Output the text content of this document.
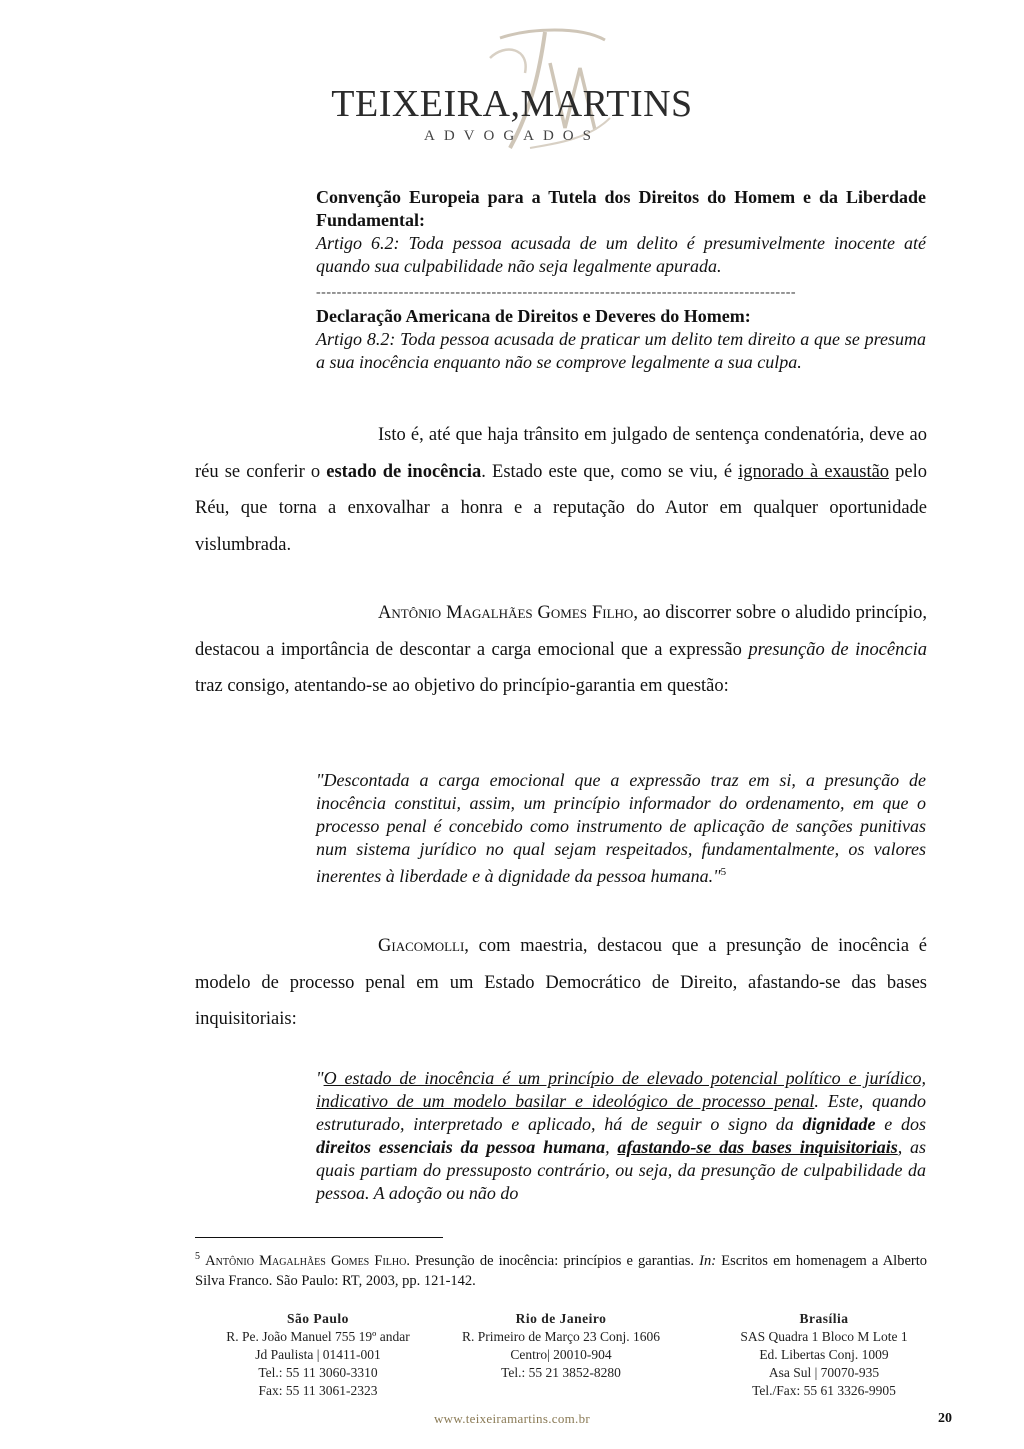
TEIXEIRA,MARTINS
ADVOGADOS
Convenção Europeia para a Tutela dos Direitos do Homem e da Liberdade Fundamental:
Artigo 6.2: Toda pessoa acusada de um delito é presumivelmente inocente até quando sua culpabilidade não seja legalmente apurada.
---------------------------------------------------------------------------------------------
Declaração Americana de Direitos e Deveres do Homem:
Artigo 8.2: Toda pessoa acusada de praticar um delito tem direito a que se presuma a sua inocência enquanto não se comprove legalmente a sua culpa.
Isto é, até que haja trânsito em julgado de sentença condenatória, deve ao réu se conferir o estado de inocência. Estado este que, como se viu, é ignorado à exaustão pelo Réu, que torna a enxovalhar a honra e a reputação do Autor em qualquer oportunidade vislumbrada.
Antônio Magalhães Gomes Filho, ao discorrer sobre o aludido princípio, destacou a importância de descontar a carga emocional que a expressão presunção de inocência traz consigo, atentando-se ao objetivo do princípio-garantia em questão:
"Descontada a carga emocional que a expressão traz em si, a presunção de inocência constitui, assim, um princípio informador do ordenamento, em que o processo penal é concebido como instrumento de aplicação de sanções punitivas num sistema jurídico no qual sejam respeitados, fundamentalmente, os valores inerentes à liberdade e à dignidade da pessoa humana."$^5$
Giacomolli, com maestria, destacou que a presunção de inocência é modelo de processo penal em um Estado Democrático de Direito, afastando-se das bases inquisitoriais:
"O estado de inocência é um princípio de elevado potencial político e jurídico, indicativo de um modelo basilar e ideológico de processo penal. Este, quando estruturado, interpretado e aplicado, há de seguir o signo da dignidade e dos direitos essenciais da pessoa humana, afastando-se das bases inquisitoriais, as quais partiam do pressuposto contrário, ou seja, da presunção de culpabilidade da pessoa. A adoção ou não do
$^5$ Antônio Magalhães Gomes Filho. Presunção de inocência: princípios e garantias. In: Escritos em homenagem a Alberto Silva Franco. São Paulo: RT, 2003, pp. 121-142.
São Paulo
R. Pe. João Manuel 755 19º andar
Jd Paulista | 01411-001
Tel.: 55 11 3060-3310
Fax: 55 11 3061-2323
Rio de Janeiro
R. Primeiro de Março 23 Conj. 1606
Centro| 20010-904
Tel.: 55 21 3852-8280
Brasília
SAS Quadra 1 Bloco M Lote 1
Ed. Libertas Conj. 1009
Asa Sul | 70070-935
Tel./Fax: 55 61 3326-9905
www.teixeiramartins.com.br	20
